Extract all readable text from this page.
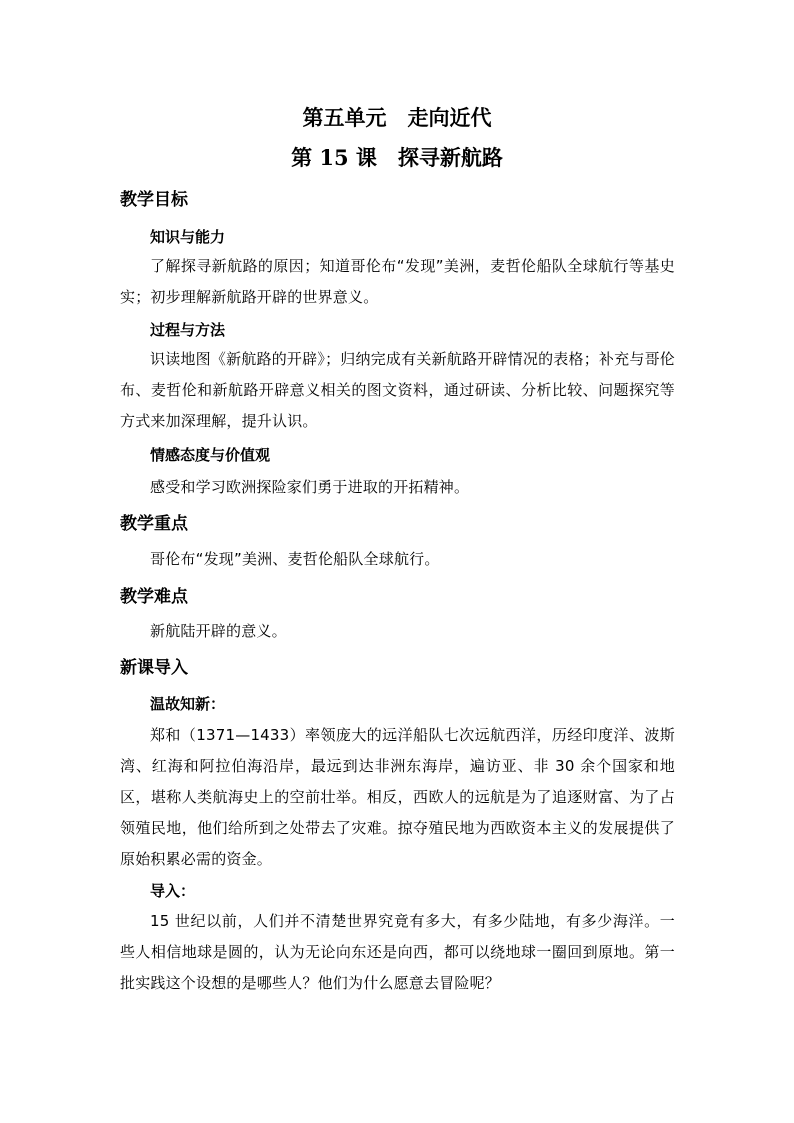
第五单元　走向近代
第 15 课　探寻新航路
教学目标
知识与能力
了解探寻新航路的原因；知道哥伦布“发现”美洲，麦哲伦船队全球航行等基史实；初步理解新航路开辟的世界意义。
过程与方法
识读地图《新航路的开辟》；归纳完成有关新航路开辟情况的表格；补充与哥伦布、麦哲伦和新航路开辟意义相关的图文资料，通过研读、分析比较、问题探究等方式来加深理解，提升认识。
情感态度与价值观
感受和学习欧洲探险家们勇于进取的开拓精神。
教学重点
哥伦布“发现”美洲、麦哲伦船队全球航行。
教学难点
新航陆开辟的意义。
新课导入
温故知新：
郑和（1371—1433）率领庞大的远洋船队七次远航西洋，历经印度洋、波斯湾、红海和阿拉伯海沿岸，最远到达非洲东海岸，遍访亚、非 30 余个国家和地区，堪称人类航海史上的空前壮举。相反，西欧人的远航是为了追逐财富、为了占领殖民地，他们给所到之处带去了灾难。掠夺殖民地为西欧资本主义的发展提供了原始积累必需的资金。
导入：
15 世纪以前，人们并不清楚世界究竟有多大，有多少陆地，有多少海洋。一些人相信地球是圆的，认为无论向东还是向西，都可以绕地球一圈回到原地。第一批实践这个设想的是哪些人？他们为什么愿意去冒险呢？
